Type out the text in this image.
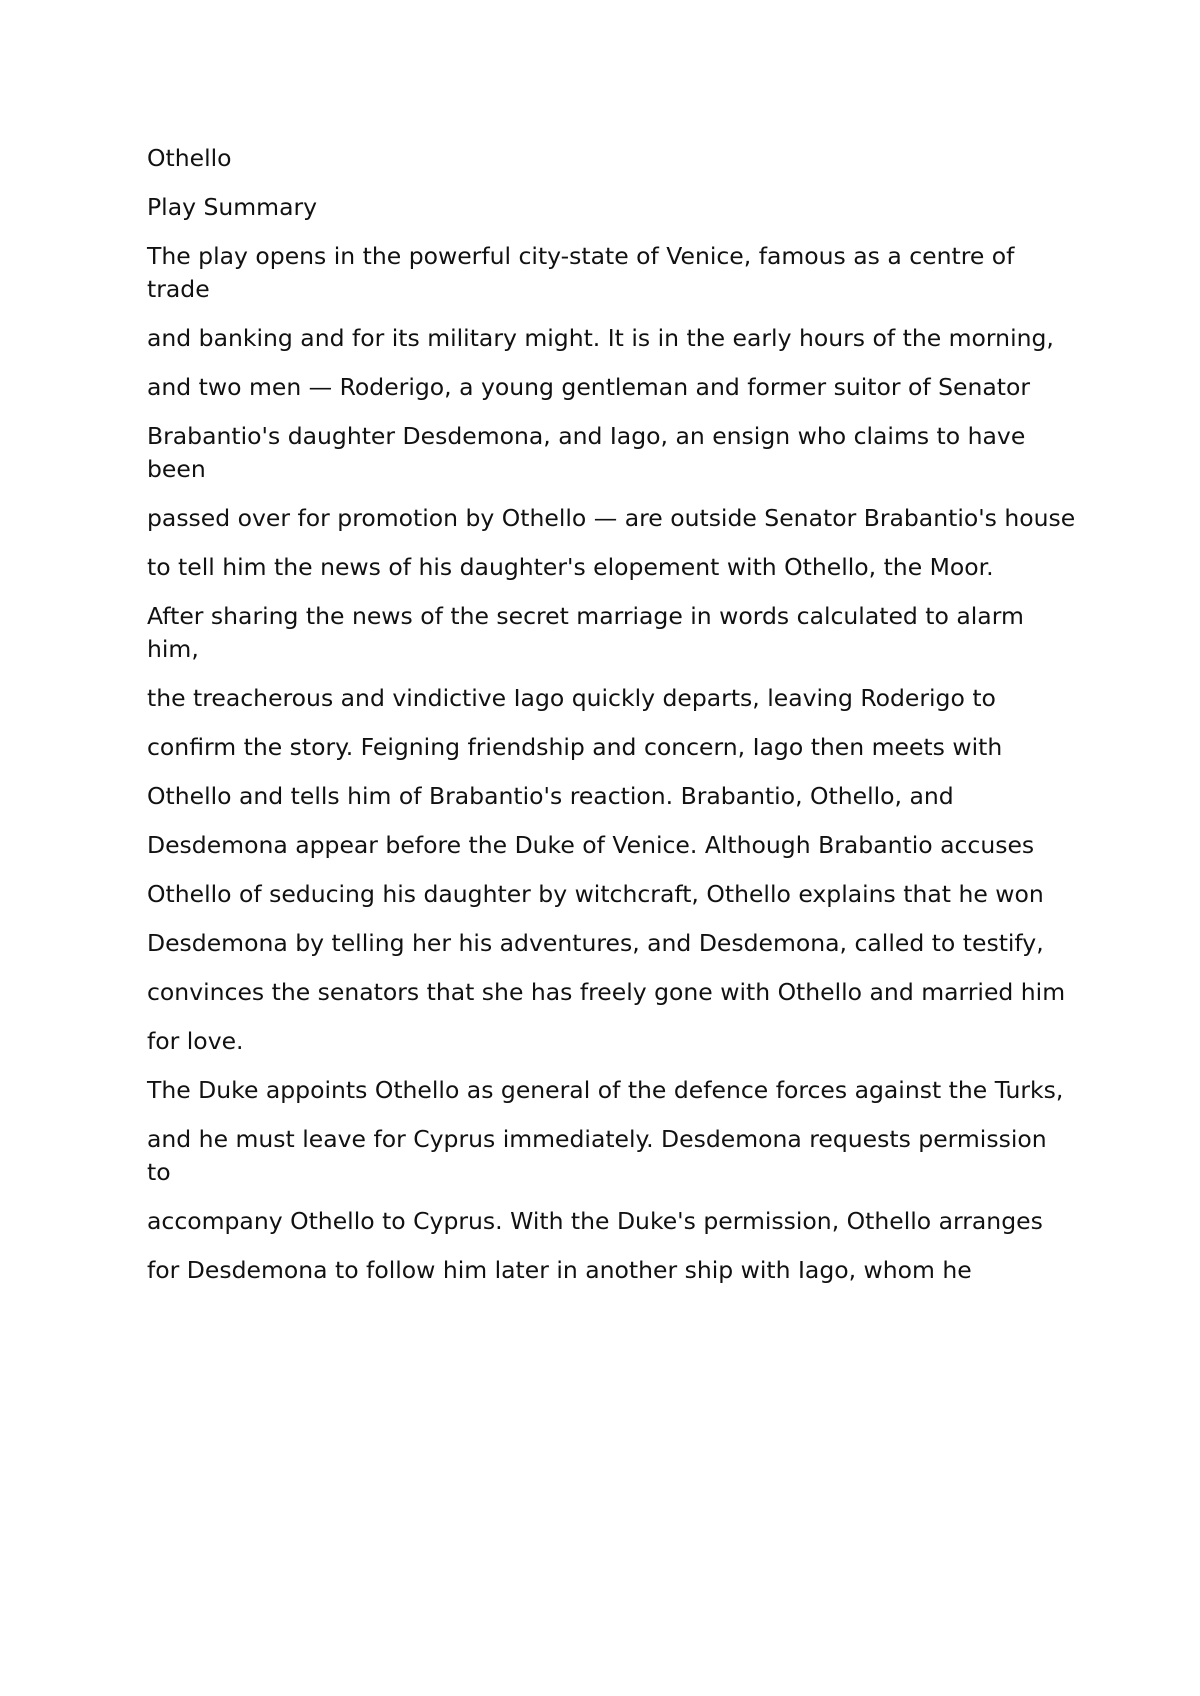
Othello

Play Summary

The play opens in the powerful city-state of Venice, famous as a centre of trade

and banking and for its military might. It is in the early hours of the morning,

and two men — Roderigo, a young gentleman and former suitor of Senator

Brabantio's daughter Desdemona, and Iago, an ensign who claims to have been

passed over for promotion by Othello — are outside Senator Brabantio's house

to tell him the news of his daughter's elopement with Othello, the Moor.

After sharing the news of the secret marriage in words calculated to alarm him,

the treacherous and vindictive Iago quickly departs, leaving Roderigo to

confirm the story. Feigning friendship and concern, Iago then meets with

Othello and tells him of Brabantio's reaction. Brabantio, Othello, and

Desdemona appear before the Duke of Venice. Although Brabantio accuses

Othello of seducing his daughter by witchcraft, Othello explains that he won

Desdemona by telling her his adventures, and Desdemona, called to testify,

convinces the senators that she has freely gone with Othello and married him

for love.

The Duke appoints Othello as general of the defence forces against the Turks,

and he must leave for Cyprus immediately. Desdemona requests permission to

accompany Othello to Cyprus. With the Duke's permission, Othello arranges

for Desdemona to follow him later in another ship with Iago, whom he
